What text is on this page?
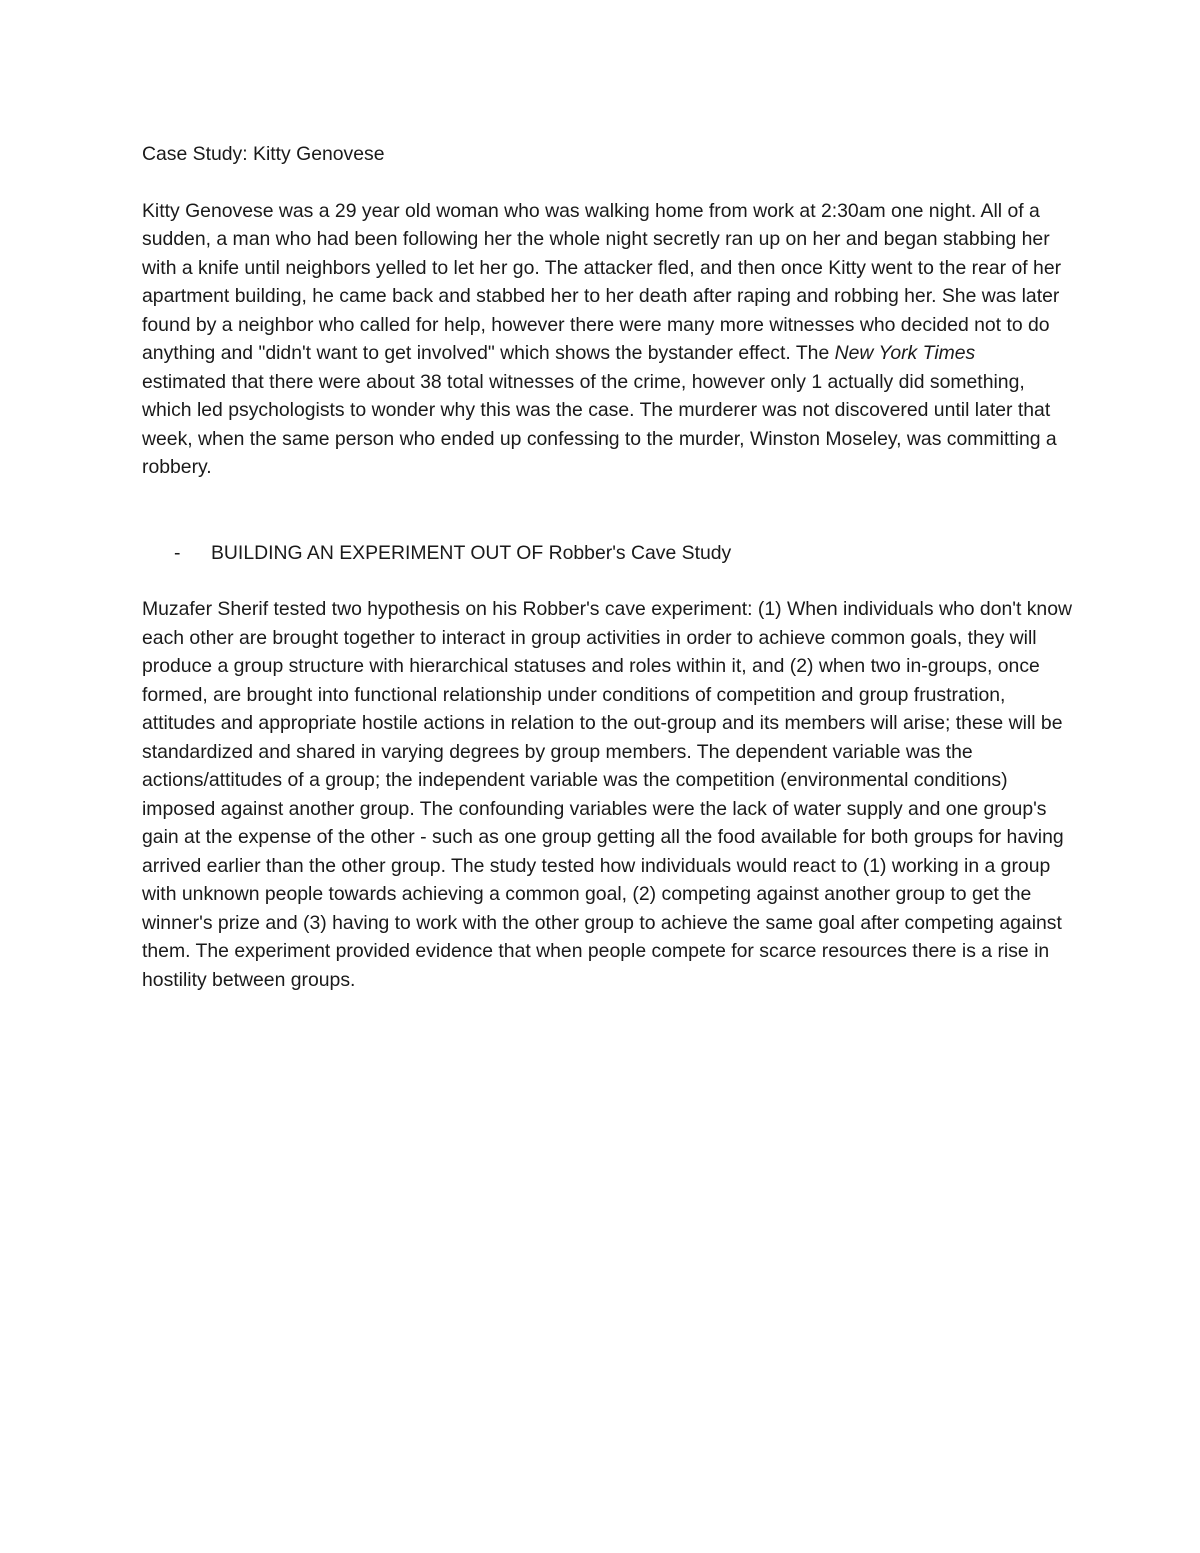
Case Study: Kitty Genovese

Kitty Genovese was a 29 year old woman who was walking home from work at 2:30am one night. All of a sudden, a man who had been following her the whole night secretly ran up on her and began stabbing her with a knife until neighbors yelled to let her go. The attacker fled, and then once Kitty went to the rear of her apartment building, he came back and stabbed her to her death after raping and robbing her. She was later found by a neighbor who called for help, however there were many more witnesses who decided not to do anything and "didn't want to get involved" which shows the bystander effect. The New York Times estimated that there were about 38 total witnesses of the crime, however only 1 actually did something, which led psychologists to wonder why this was the case. The murderer was not discovered until later that week, when the same person who ended up confessing to the murder, Winston Moseley, was committing a robbery.

- BUILDING AN EXPERIMENT OUT OF Robber's Cave Study

Muzafer Sherif tested two hypothesis on his Robber's cave experiment: (1) When individuals who don't know each other are brought together to interact in group activities in order to achieve common goals, they will produce a group structure with hierarchical statuses and roles within it, and (2) when two in-groups, once formed, are brought into functional relationship under conditions of competition and group frustration, attitudes and appropriate hostile actions in relation to the out-group and its members will arise; these will be standardized and shared in varying degrees by group members. The dependent variable was the actions/attitudes of a group; the independent variable was the competition (environmental conditions) imposed against another group. The confounding variables were the lack of water supply and one group's gain at the expense of the other - such as one group getting all the food available for both groups for having arrived earlier than the other group. The study tested how individuals would react to (1) working in a group with unknown people towards achieving a common goal, (2) competing against another group to get the winner's prize and (3) having to work with the other group to achieve the same goal after competing against them. The experiment provided evidence that when people compete for scarce resources there is a rise in hostility between groups.
